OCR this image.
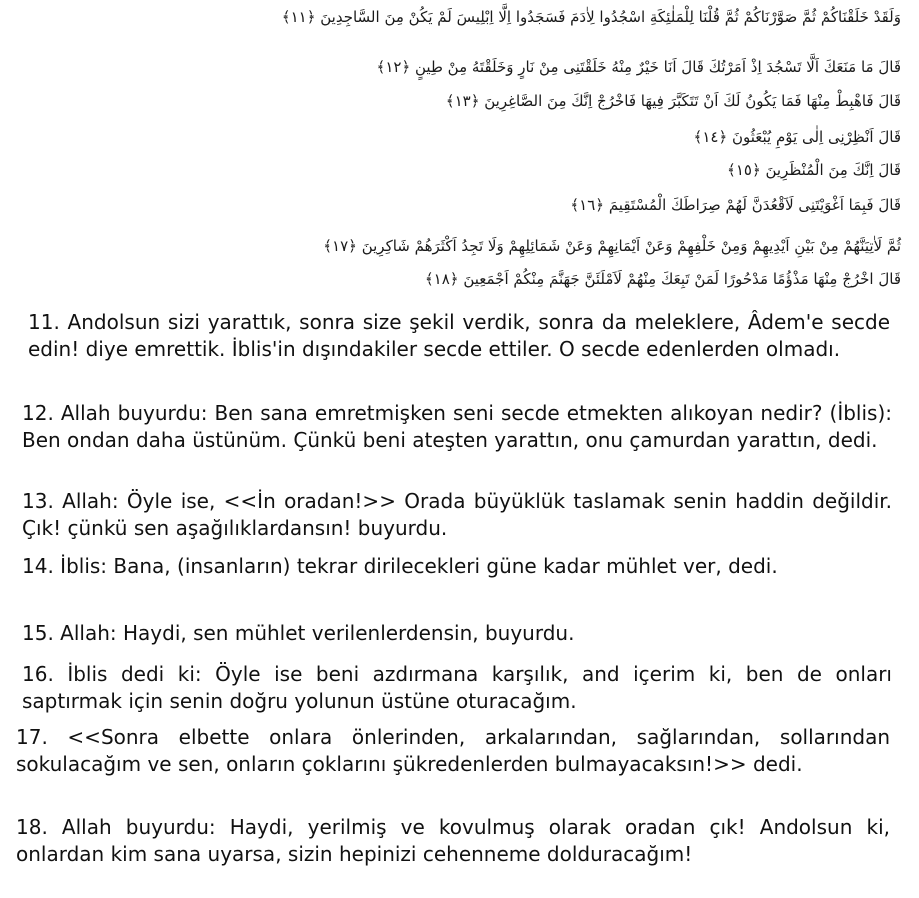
وَلَقَدْ خَلَقْنَاكُمْ ثُمَّ صَوَّرْنَاكُمْ ثُمَّ قُلْنَا لِلْمَلٰئِكَةِ اسْجُدُوا لِاٰدَمَ فَسَجَدُوا اِلَّا اِبْلِيسَ لَمْ يَكُنْ مِنَ السَّاجِدِينَ ﴿١١﴾
قَالَ مَا مَنَعَكَ اَلَّا تَسْجُدَ اِذْ اَمَرْتُكَ قَالَ اَنَا خَيْرٌ مِنْهُ خَلَقْتَنِى مِنْ نَارٍ وَخَلَقْتَهُ مِنْ طِينٍ ﴿١٢﴾
قَالَ فَاهْبِطْ مِنْهَا فَمَا يَكُونُ لَكَ اَنْ تَتَكَبَّرَ فِيهَا فَاخْرُجْ اِنَّكَ مِنَ الصَّاغِرِينَ ﴿١٣﴾
قَالَ اَنْظِرْنِى اِلٰى يَوْمِ يُبْعَثُونَ ﴿١٤﴾
قَالَ اِنَّكَ مِنَ الْمُنْظَرِينَ ﴿١٥﴾
قَالَ فَبِمَا اَغْوَيْتَنِى لَاَقْعُدَنَّ لَهُمْ صِرَاطَكَ الْمُسْتَقِيمَ ﴿١٦﴾
ثُمَّ لَاٰتِيَنَّهُمْ مِنْ بَيْنِ اَيْدِيهِمْ وَمِنْ خَلْفِهِمْ وَعَنْ اَيْمَانِهِمْ وَعَنْ شَمَائِلِهِمْ وَلَا تَجِدُ اَكْثَرَهُمْ شَاكِرِينَ ﴿١٧﴾
قَالَ اخْرُجْ مِنْهَا مَذْؤُمًا مَدْحُورًا لَمَنْ تَبِعَكَ مِنْهُمْ لَاَمْلَئَنَّ جَهَنَّمَ مِنْكُمْ اَجْمَعِينَ ﴿١٨﴾
11. Andolsun sizi yarattık, sonra size şekil verdik, sonra da meleklere, Âdem'e secde edin! diye emrettik. İblis'in dışındakiler secde ettiler. O secde edenlerden olmadı.
12. Allah buyurdu: Ben sana emretmişken seni secde etmekten alıkoyan nedir? (İblis): Ben ondan daha üstünüm. Çünkü beni ateşten yarattın, onu çamurdan yarattın, dedi.
13. Allah: Öyle ise, <<İn oradan!>> Orada büyüklük taslamak senin haddin değildir. Çık! çünkü sen aşağılıklardansın! buyurdu.
14. İblis: Bana, (insanların) tekrar dirilecekleri güne kadar mühlet ver, dedi.
15. Allah: Haydi, sen mühlet verilenlerdensin, buyurdu.
16. İblis dedi ki: Öyle ise beni azdırmana karşılık, and içerim ki, ben de onları saptırmak için senin doğru yolunun üstüne oturacağım.
17. <<Sonra elbette onlara önlerinden, arkalarından, sağlarından, sollarından sokulacağım ve sen, onların çoklarını şükredenlerden bulmayacaksın!>> dedi.
18. Allah buyurdu: Haydi, yerilmiş ve kovulmuş olarak oradan çık! Andolsun ki, onlardan kim sana uyarsa, sizin hepinizi cehenneme dolduracağım!
